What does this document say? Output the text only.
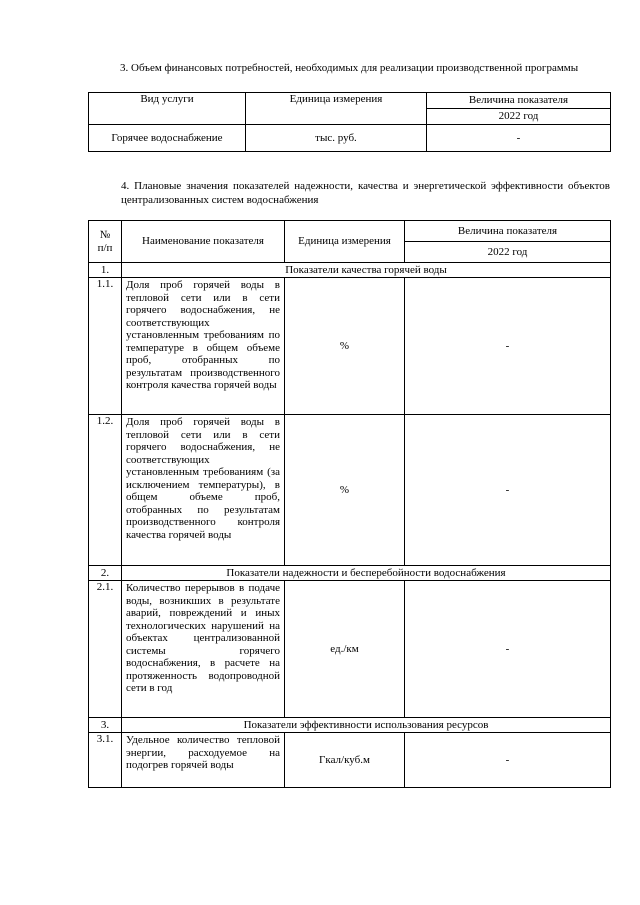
3. Объем финансовых потребностей, необходимых для реализации производственной программы
Вид услуги	Единица измерения	Величина показателя
		2022 год
Горячее водоснабжение	тыс. руб.	-
4. Плановые значения показателей надежности, качества и энергетической эффективности объектов централизованных систем водоснабжения
№ п/п	Наименование показателя	Единица измерения	Величина показателя
			2022 год
1.	Показатели качества горячей воды		
1.1.	Доля проб горячей воды в тепловой сети или в сети горячего водоснабжения, не соответствующих установленным требованиям по температуре в общем объеме проб, отобранных по результатам производственного контроля качества горячей воды	%	-
1.2.	Доля проб горячей воды в тепловой сети или в сети горячего водоснабжения, не соответствующих установленным требованиям (за исключением температуры), в общем объеме проб, отобранных по результатам производственного контроля качества горячей воды	%	-
2.	Показатели надежности и бесперебойности водоснабжения		
2.1.	Количество перерывов в подаче воды, возникших в результате аварий, повреждений и иных технологических нарушений на объектах централизованной системы горячего водоснабжения, в расчете на протяженность водопроводной сети в год	ед./км	-
3.	Показатели эффективности использования ресурсов		
3.1.	Удельное количество тепловой энергии, расходуемое на подогрев горячей воды	Гкал/куб.м	-
